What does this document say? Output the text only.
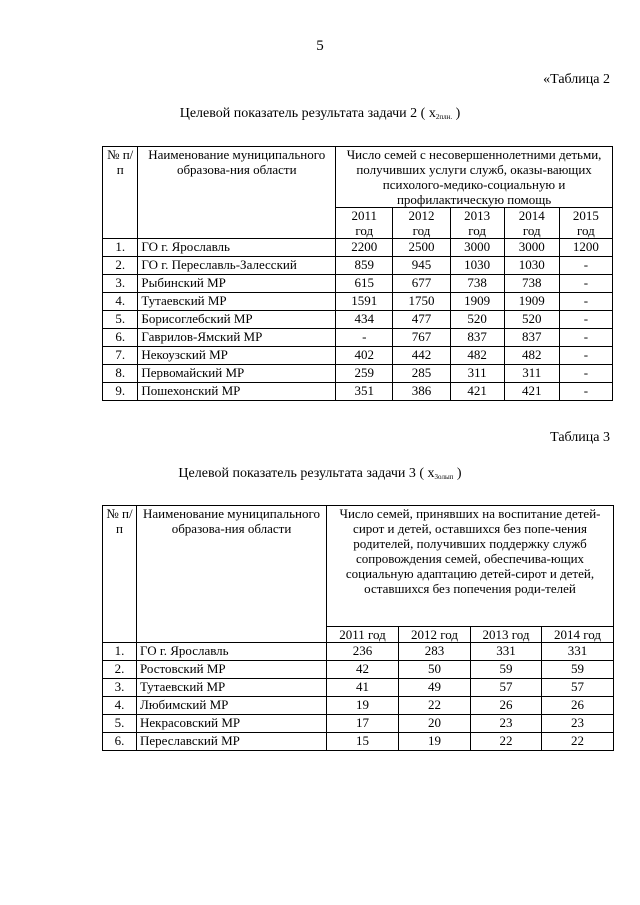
5
«Таблица 2
Целевой показатель результата задачи 2 ( $x_{2плн.}$ )
№ п/п	Наименование муниципального образова-ния области	Число семей с несовершеннолетними детьми, получивших услуги служб, оказы-вающих психолого-медико-социальную и профилактическую помощь				
		2011 год	2012 год	2013 год	2014 год	2015 год
1.	ГО г. Ярославль	2200	2500	3000	3000	1200
2.	ГО г. Переславль-Залесский	859	945	1030	1030	-
3.	Рыбинский МР	615	677	738	738	-
4.	Тутаевский МР	1591	1750	1909	1909	-
5.	Борисоглебский МР	434	477	520	520	-
6.	Гаврилов-Ямский МР	-	767	837	837	-
7.	Некоузский МР	402	442	482	482	-
8.	Первомайский МР	259	285	311	311	-
9.	Пошехонский МР	351	386	421	421	-
Таблица 3
Целевой показатель результата задачи 3 ( $x_{3олып}$ )
№ п/п	Наименование муниципального образова-ния области	Число семей, принявших на воспитание детей-сирот и детей, оставшихся без попе-чения родителей, получивших поддержку служб сопровождения семей, обеспечива-ющих социальную адаптацию детей-сирот и детей, оставшихся без попечения роди-телей			
		2011 год	2012 год	2013 год	2014 год
1.	ГО г. Ярославль	236	283	331	331
2.	Ростовский МР	42	50	59	59
3.	Тутаевский МР	41	49	57	57
4.	Любимский МР	19	22	26	26
5.	Некрасовский МР	17	20	23	23
6.	Переславский МР	15	19	22	22
